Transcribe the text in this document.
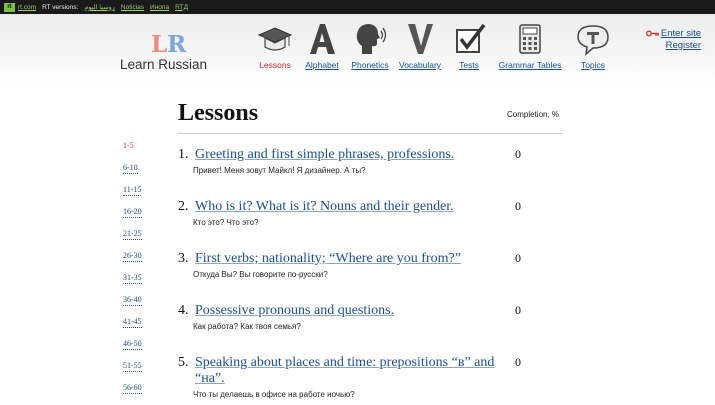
rt rt.com RT versions: روسيا اليوم Noticias Инопа RTД
LR
Learn Russian	Lessons	Alphabet Phonetics Vocabulary	Tests	Grammar Tables	Topics
Enter site
Register
Lessons	Completion, %
1-5
6-10
11-15
16-20
21-25
26-30
31-35
36-40
41-45
46-50
51-55
56-60
1. Greeting and first simple phrases, professions.
Привет! Меня зовут Майкл! Я дизайнер. А ты?
0
2. Who is it? What is it? Nouns and their gender.
Кто это? Что это?
0
3. First verbs; nationality; “Where are you from?”
Откуда Вы? Вы говорите по-русски?
0
4. Possessive pronouns and questions.
Как работа? Как твоя семья?
0
5. Speaking about places and time: prepositions “в” and “на”.
Что ты делаешь в офисе на работе ночью?
0
